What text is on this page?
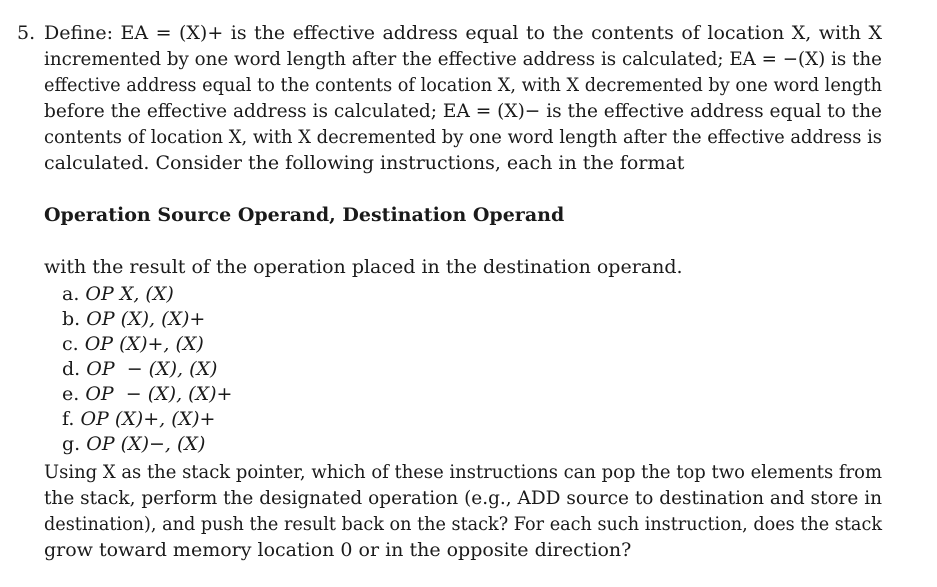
5. Define: EA = (X)+ is the effective address equal to the contents of location X, with X
incremented by one word length after the effective address is calculated; EA = −(X) is the
effective address equal to the contents of location X, with X decremented by one word length
before the effective address is calculated; EA = (X)− is the effective address equal to the
contents of location X, with X decremented by one word length after the effective address is
calculated. Consider the following instructions, each in the format
Operation Source Operand, Destination Operand
with the result of the operation placed in the destination operand.
a. OP X, (X)
b. OP (X), (X)+
c. OP (X)+, (X)
d. OP  − (X), (X)
e. OP  − (X), (X)+
f. OP (X)+, (X)+
g. OP (X)−, (X)
Using X as the stack pointer, which of these instructions can pop the top two elements from
the stack, perform the designated operation (e.g., ADD source to destination and store in
destination), and push the result back on the stack? For each such instruction, does the stack
grow toward memory location 0 or in the opposite direction?
